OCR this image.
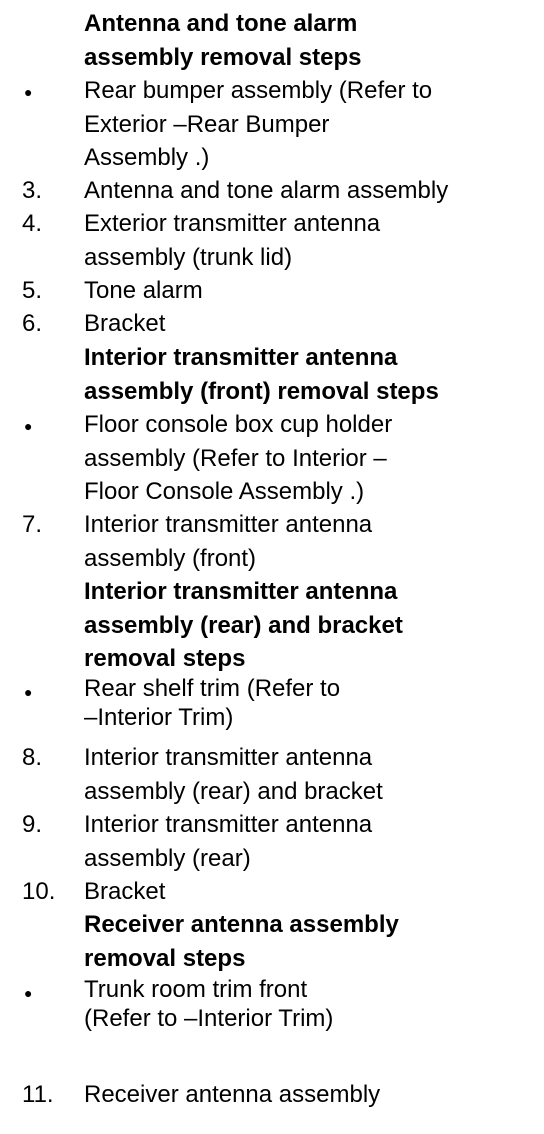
Antenna and tone alarm
assembly removal steps
●	Rear bumper assembly (Refer to
Exterior –Rear Bumper
Assembly .)
3.	Antenna and tone alarm assembly
4.	Exterior transmitter antenna
assembly (trunk lid)
5.	Tone alarm
6.	Bracket
Interior transmitter antenna
assembly (front) removal steps
●	Floor console box cup holder
assembly (Refer to Interior –
Floor Console Assembly .)
7.	Interior transmitter antenna
assembly (front)
Interior transmitter antenna
assembly (rear) and bracket
removal steps
●	Rear shelf trim (Refer to
–Interior Trim)
8.	Interior transmitter antenna
assembly (rear) and bracket
9.	Interior transmitter antenna
assembly (rear)
10.	Bracket
Receiver antenna assembly
removal steps
●	Trunk room trim front
(Refer to –Interior Trim)
11.	Receiver antenna assembly
